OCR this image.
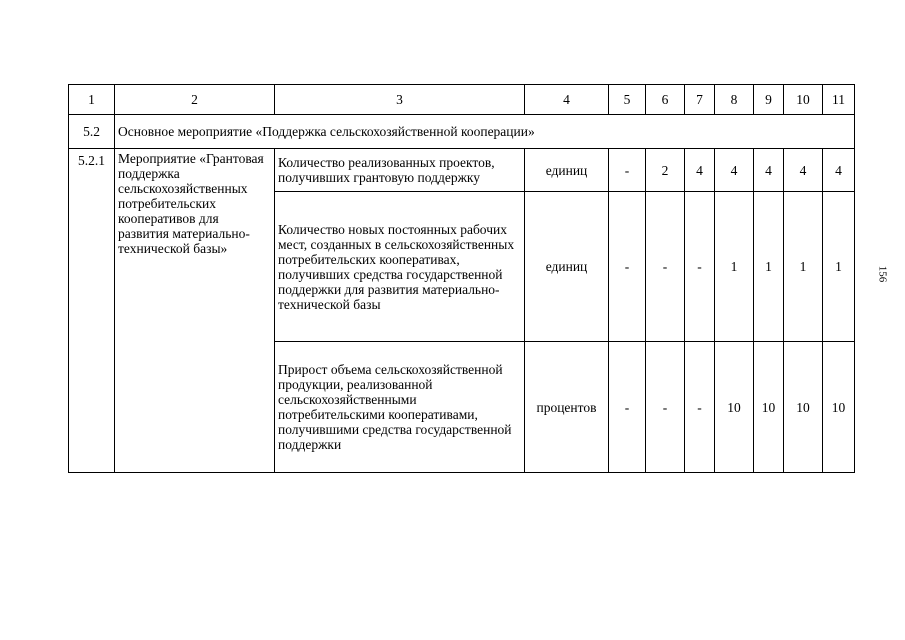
1	2	3	4	5	6	7	8	9	10	11
5.2	Основное мероприятие «Поддержка сельскохозяйственной кооперации»									
5.2.1	Мероприятие «Грантовая поддержка сельскохозяйственных потребительских кооперативов для развития материально-технической базы»	Количество реализованных проектов, получивших грантовую поддержку	единиц	-	2	4	4	4	4	4
		Количество новых постоянных рабочих мест, созданных в сельскохозяйственных потребительских кооперативах, получивших средства государственной поддержки для развития материально-технической базы	единиц	-	-	-	1	1	1	1
		Прирост объема сельскохозяйственной продукции, реализованной сельскохозяйственными потребительскими кооперативами, получившими средства государственной поддержки	процентов	-	-	-	10	10	10	10
156
